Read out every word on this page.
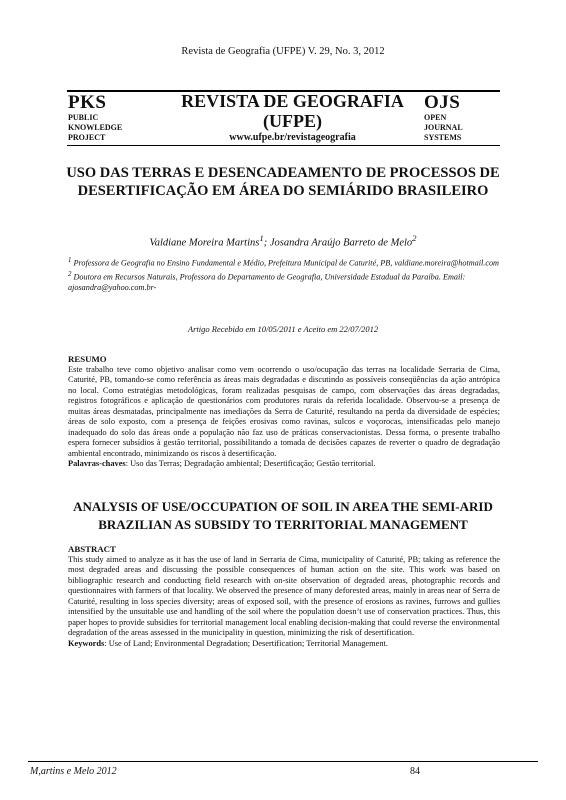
Revista de Geografia (UFPE) V. 29, No. 3, 2012
PKS
PUBLIC
KNOWLEDGE
PROJECT
REVISTA DE GEOGRAFIA
(UFPE)
www.ufpe.br/revistageografia
OJS
OPEN
JOURNAL
SYSTEMS
USO DAS TERRAS E DESENCADEAMENTO DE PROCESSOS DE DESERTIFICAÇÃO EM ÁREA DO SEMIÁRIDO BRASILEIRO
Valdiane Moreira Martins$^1$; Josandra Araújo Barreto de Melo$^2$

$^1$ Professora de Geografia no Ensino Fundamental e Médio, Prefeitura Municipal de Caturité, PB, valdiane.moreira@hotmail.com

$^2$ Doutora em Recursos Naturais, Professora do Departamento de Geografia, Universidade Estadual da Paraíba. Email: ajosandra@yahoo.com.br-

Artigo Recebido em 10/05/2011 e Aceito em 22/07/2012

RESUMO

Este trabalho teve como objetivo analisar como vem ocorrendo o uso/ocupação das terras na localidade Serraria de Cima, Caturité, PB, tomando-se como referência as áreas mais degradadas e discutindo as possíveis conseqüências da ação antrópica no local. Como estratégias metodológicas, foram realizadas pesquisas de campo, com observações das áreas degradadas, registros fotográficos e aplicação de questionários com produtores rurais da referida localidade. Observou-se a presença de muitas áreas desmatadas, principalmente nas imediações da Serra de Caturité, resultando na perda da diversidade de espécies; áreas de solo exposto, com a presença de feições erosivas como ravinas, sulcos e voçorocas, intensificadas pelo manejo inadequado do solo das áreas onde a população não faz uso de práticas conservacionistas. Dessa forma, o presente trabalho espera fornecer subsídios à gestão territorial, possibilitando a tomada de decisões capazes de reverter o quadro de degradação ambiental encontrado, minimizando os riscos à desertificação.

Palavras-chaves: Uso das Terras; Degradação ambiental; Desertificação; Gestão territorial.

ANALYSIS OF USE/OCCUPATION OF SOIL IN AREA THE SEMI-ARID BRAZILIAN AS SUBSIDY TO TERRITORIAL MANAGEMENT

ABSTRACT

This study aimed to analyze as it has the use of land in Serraria de Cima, municipality of Caturité, PB; taking as reference the most degraded areas and discussing the possible consequences of human action on the site. This work was based on bibliographic research and conducting field research with on-site observation of degraded areas, photographic records and questionnaires with farmers of that locality. We observed the presence of many deforested areas, mainly in areas near of Serra de Caturité, resulting in loss species diversity; areas of exposed soil, with the presence of erosions as ravines, furrows and gullies intensified by the unsuitable use and handling of the soil where the population doesn’t use of conservation practices. Thus, this paper hopes to provide subsidies for territorial management local enabling decision-making that could reverse the environmental degradation of the areas assessed in the municipality in question, minimizing the risk of desertification.

Keywords: Use of Land; Environmental Degradation; Desertification; Territorial Management.

M,artins e Melo 2012	84
